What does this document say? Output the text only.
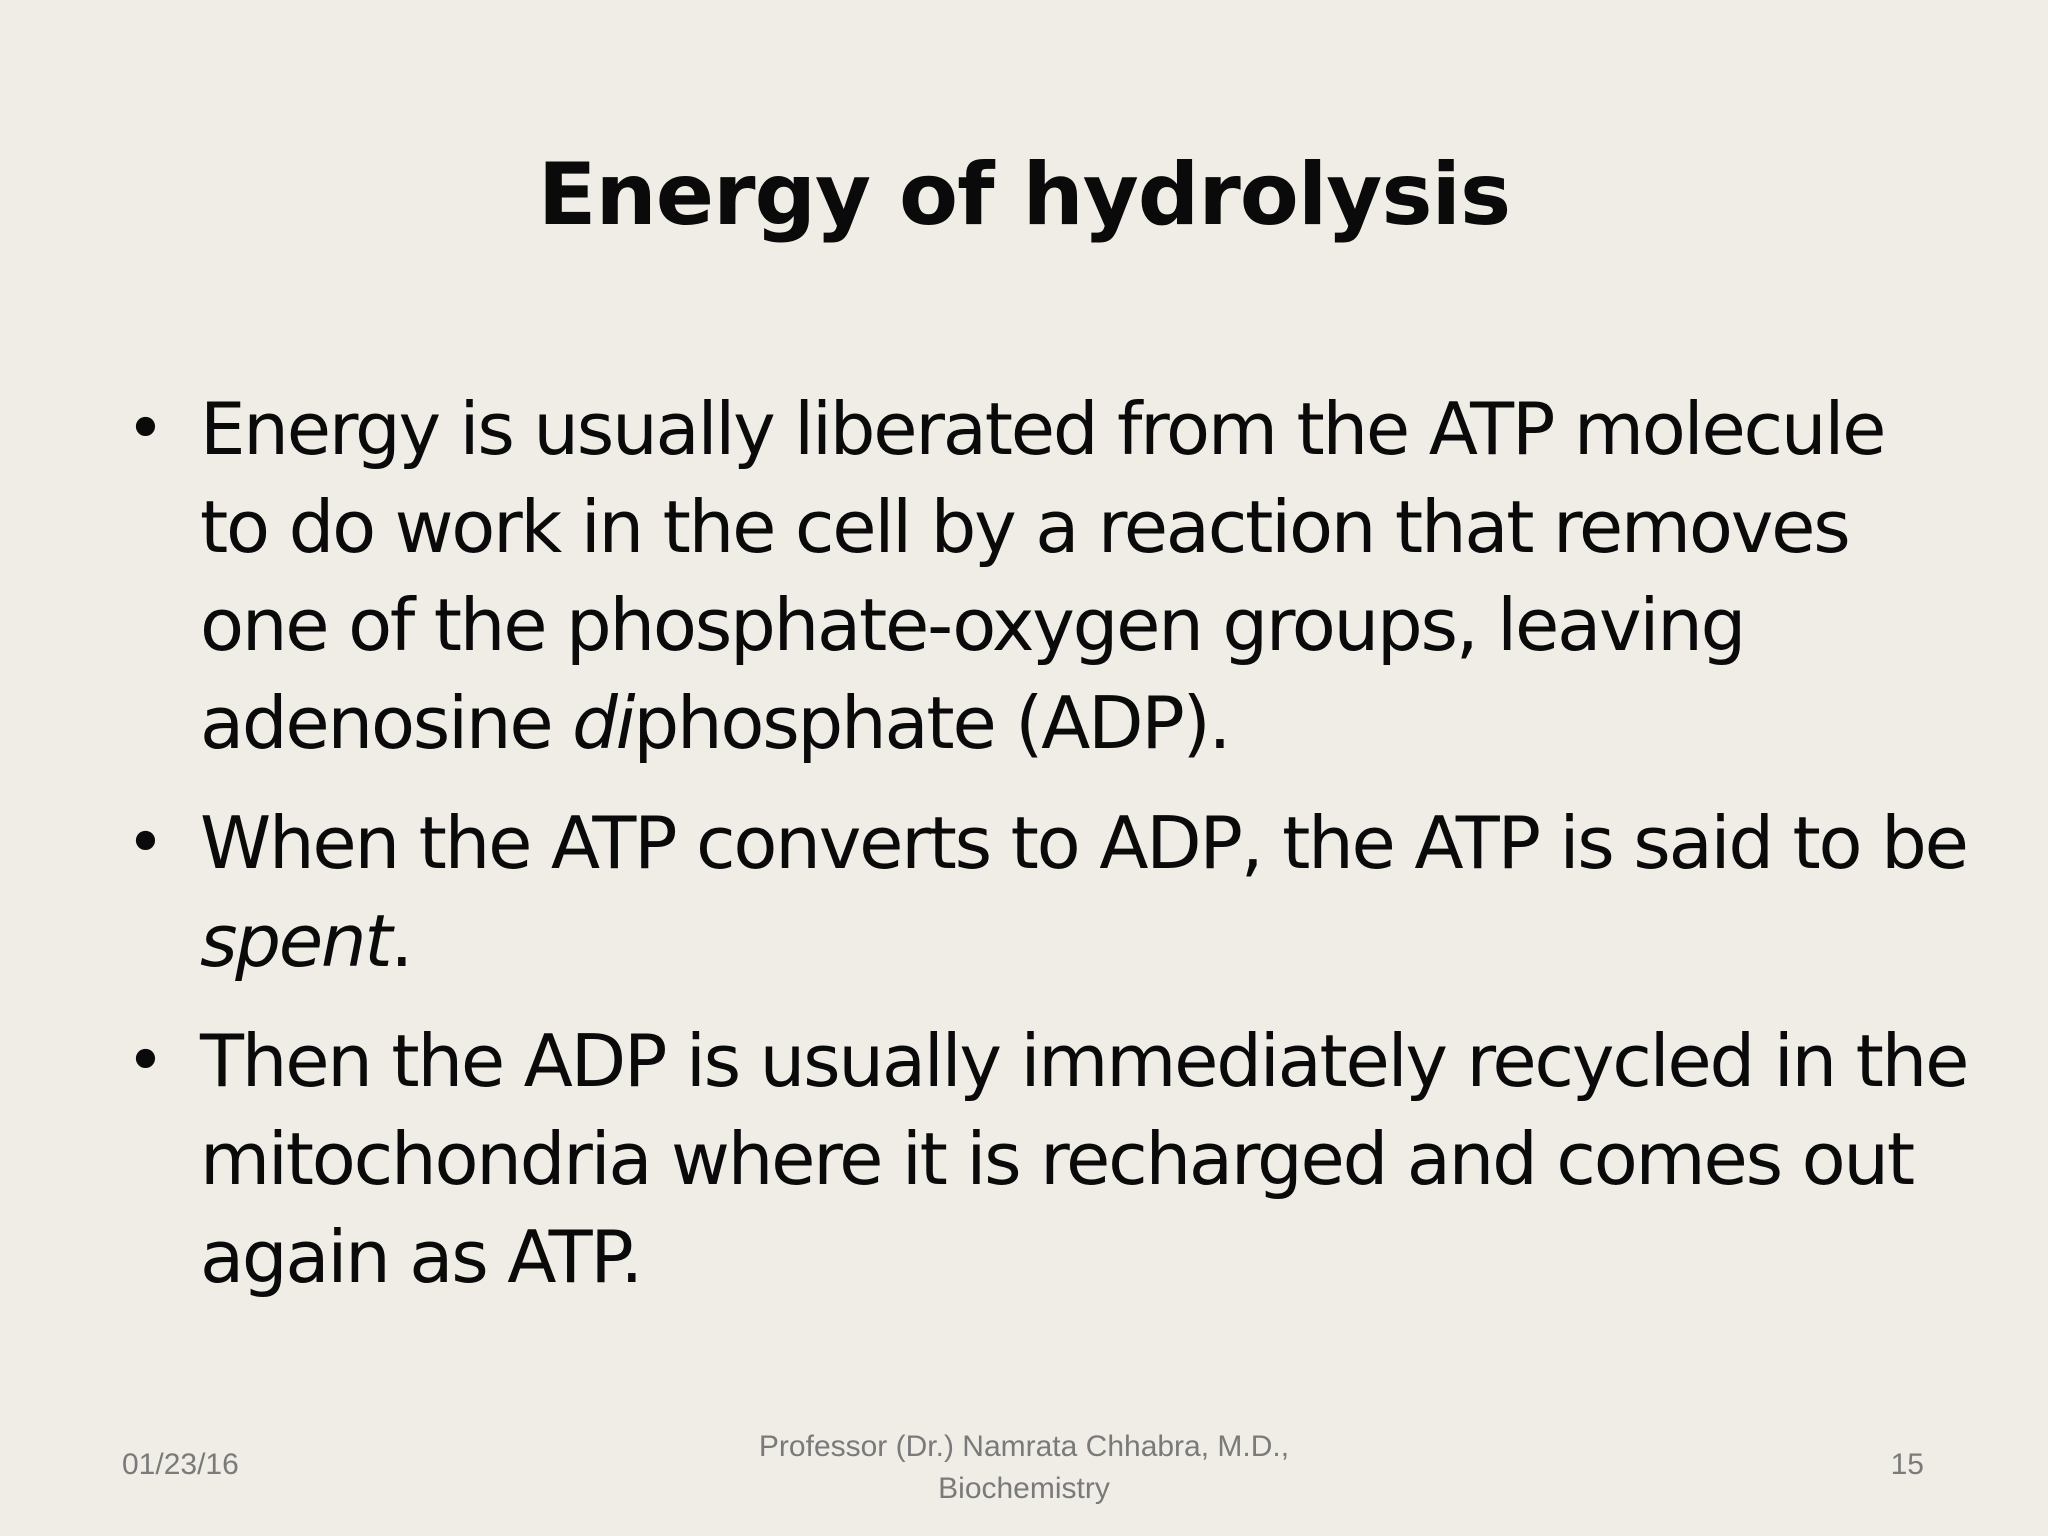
Energy of hydrolysis
• Energy is usually liberated from the ATP molecule to do work in the cell by a reaction that removes one of the phosphate-oxygen groups, leaving adenosine diphosphate (ADP).
• When the ATP converts to ADP, the ATP is said to be spent.
• Then the ADP is usually immediately recycled in the mitochondria where it is recharged and comes out again as ATP.
01/23/16
Professor (Dr.) Namrata Chhabra, M.D.,
Biochemistry
15
